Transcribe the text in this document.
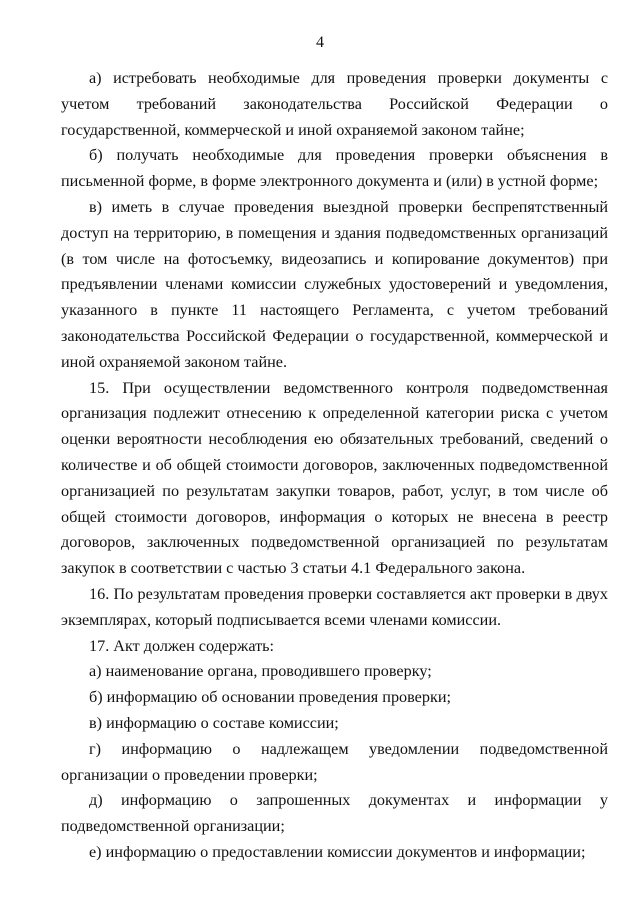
4

а) истребовать необходимые для проведения проверки документы с учетом требований законодательства Российской Федерации о государственной, коммерческой и иной охраняемой законом тайне;

б) получать необходимые для проведения проверки объяснения в письменной форме, в форме электронного документа и (или) в устной форме;

в) иметь в случае проведения выездной проверки беспрепятственный доступ на территорию, в помещения и здания подведомственных организаций (в том числе на фотосъемку, видеозапись и копирование документов) при предъявлении членами комиссии служебных удостоверений и уведомления, указанного в пункте 11 настоящего Регламента, с учетом требований законодательства Российской Федерации о государственной, коммерческой и иной охраняемой законом тайне.

15. При осуществлении ведомственного контроля подведомственная организация подлежит отнесению к определенной категории риска с учетом оценки вероятности несоблюдения ею обязательных требований, сведений о количестве и об общей стоимости договоров, заключенных подведомственной организацией по результатам закупки товаров, работ, услуг, в том числе об общей стоимости договоров, информация о которых не внесена в реестр договоров, заключенных подведомственной организацией по результатам закупок в соответствии с частью 3 статьи 4.1 Федерального закона.

16. По результатам проведения проверки составляется акт проверки в двух экземплярах, который подписывается всеми членами комиссии.

17. Акт должен содержать:

а) наименование органа, проводившего проверку;

б) информацию об основании проведения проверки;

в) информацию о составе комиссии;

г) информацию о надлежащем уведомлении подведомственной организации о проведении проверки;

д) информацию о запрошенных документах и информации у подведомственной организации;

е) информацию о предоставлении комиссии документов и информации;
